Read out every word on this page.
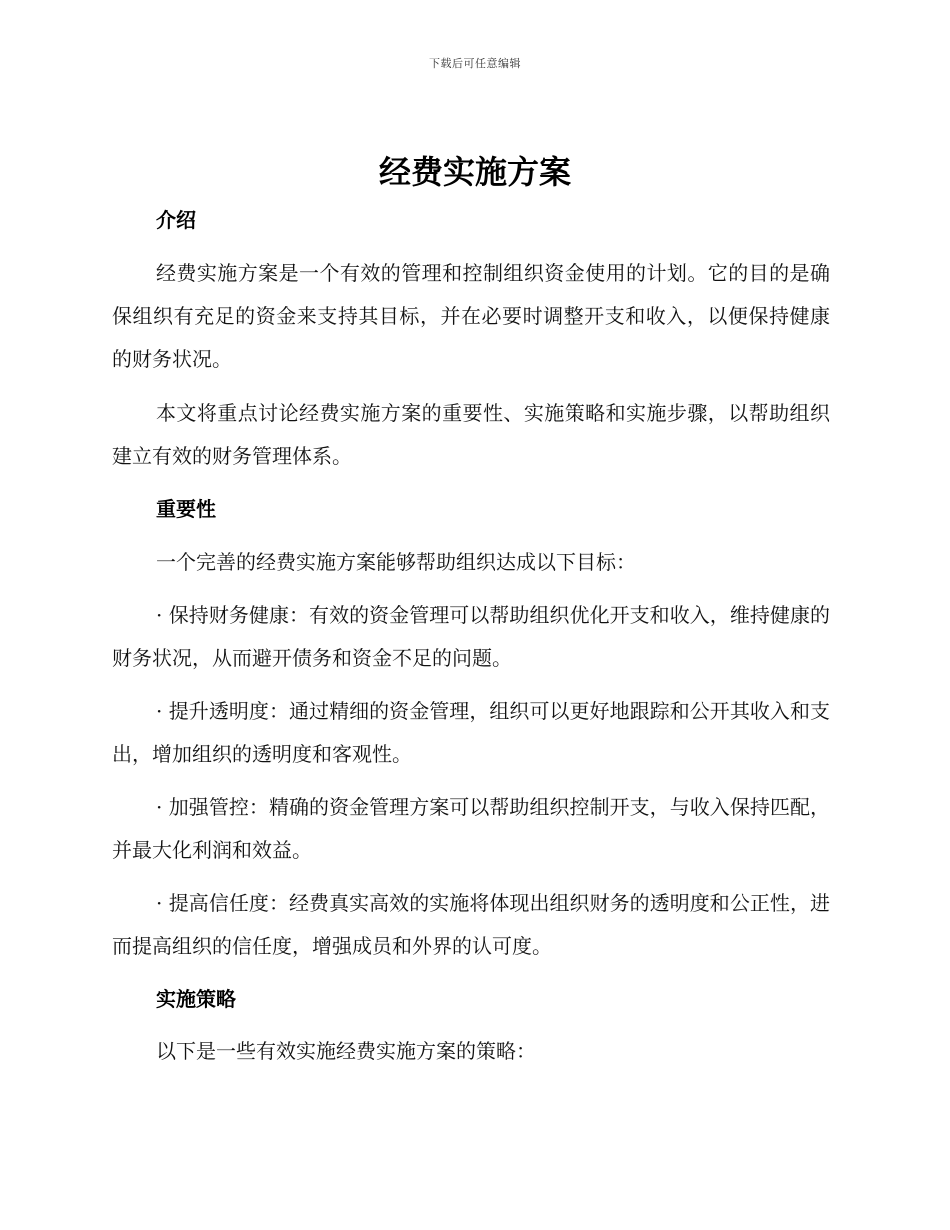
下载后可任意编辑
经费实施方案
介绍

经费实施方案是一个有效的管理和控制组织资金使用的计划。它的目的是确保组织有充足的资金来支持其目标，并在必要时调整开支和收入，以便保持健康的财务状况。

本文将重点讨论经费实施方案的重要性、实施策略和实施步骤，以帮助组织建立有效的财务管理体系。

重要性

一个完善的经费实施方案能够帮助组织达成以下目标：

· 保持财务健康：有效的资金管理可以帮助组织优化开支和收入，维持健康的财务状况，从而避开债务和资金不足的问题。

· 提升透明度：通过精细的资金管理，组织可以更好地跟踪和公开其收入和支出，增加组织的透明度和客观性。

· 加强管控：精确的资金管理方案可以帮助组织控制开支，与收入保持匹配，并最大化利润和效益。

· 提高信任度：经费真实高效的实施将体现出组织财务的透明度和公正性，进而提高组织的信任度，增强成员和外界的认可度。

实施策略

以下是一些有效实施经费实施方案的策略：
